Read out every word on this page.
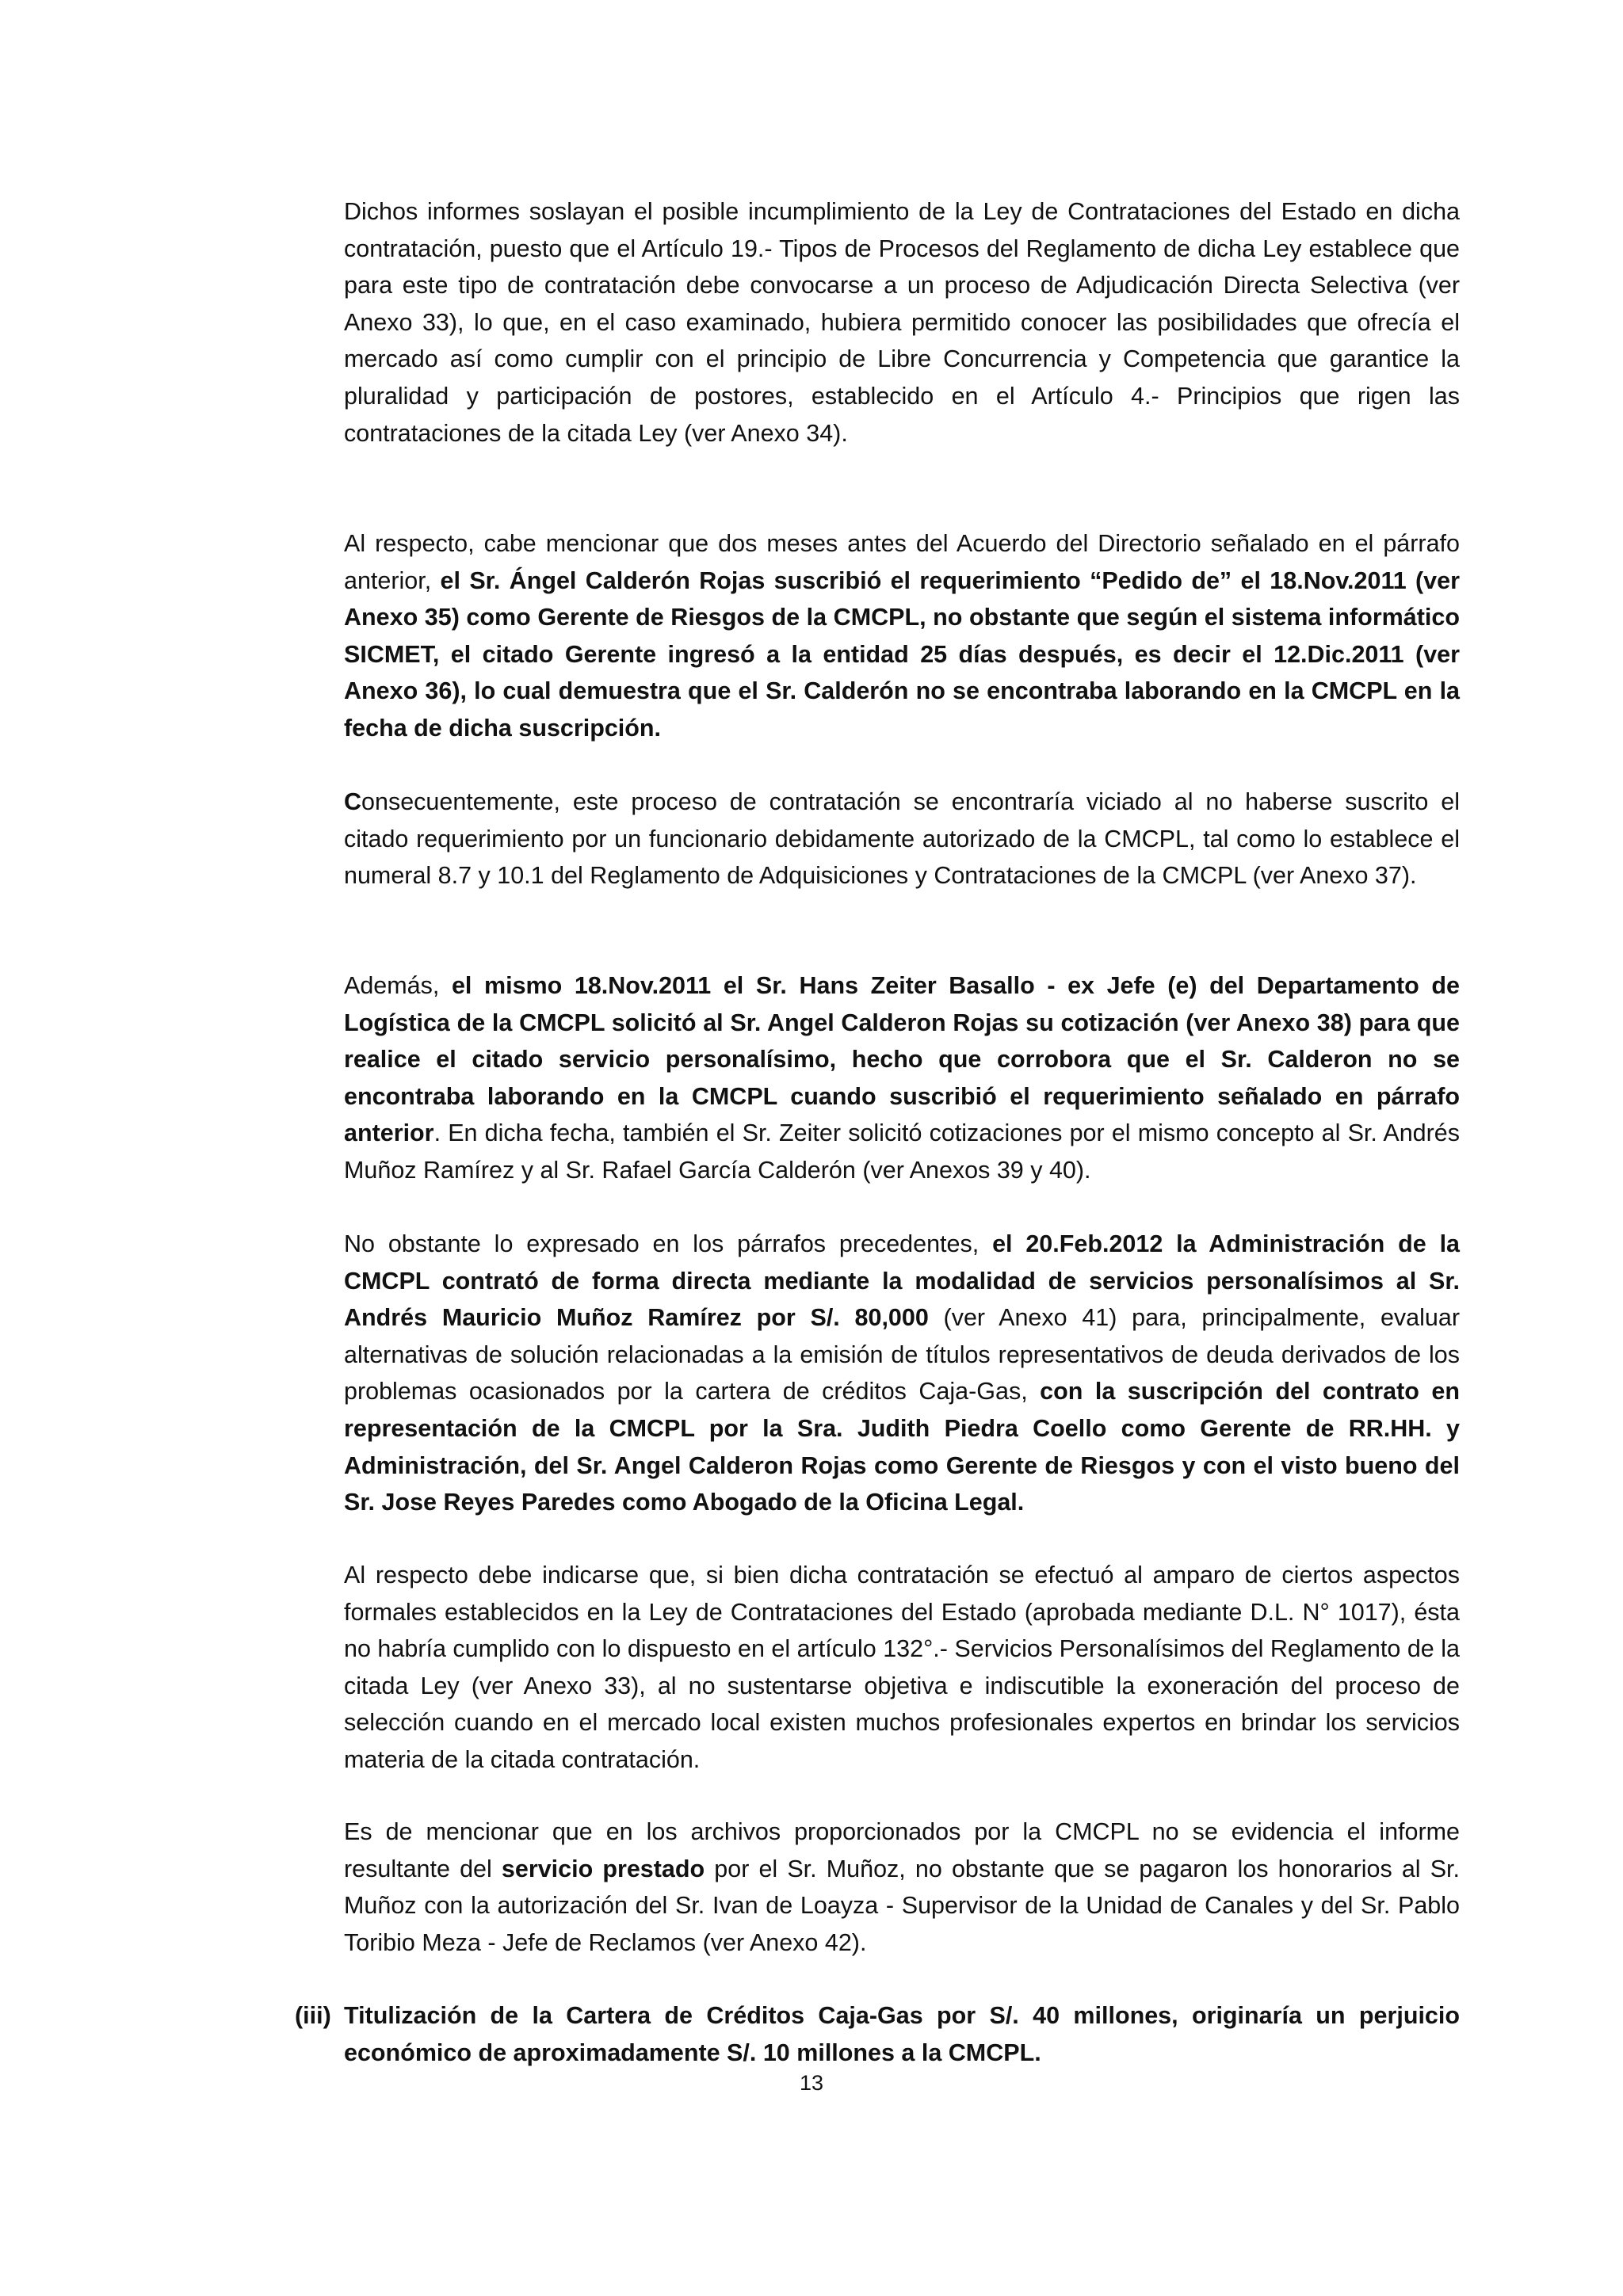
Dichos informes soslayan el posible incumplimiento de la Ley de Contrataciones del Estado en dicha contratación, puesto que el Artículo 19.- Tipos de Procesos del Reglamento de dicha Ley establece que para este tipo de contratación debe convocarse a un proceso de Adjudicación Directa Selectiva (ver Anexo 33), lo que, en el caso examinado, hubiera permitido conocer las posibilidades que ofrecía el mercado así como cumplir con el principio de Libre Concurrencia y Competencia que garantice la pluralidad y participación de postores, establecido en el Artículo 4.- Principios que rigen las contrataciones de la citada Ley (ver Anexo 34).

Al respecto, cabe mencionar que dos meses antes del Acuerdo del Directorio señalado en el párrafo anterior, el Sr. Ángel Calderón Rojas suscribió el requerimiento “Pedido de” el 18.Nov.2011 (ver Anexo 35) como Gerente de Riesgos de la CMCPL, no obstante que según el sistema informático SICMET, el citado Gerente ingresó a la entidad 25 días después, es decir el 12.Dic.2011 (ver Anexo 36), lo cual demuestra que el Sr. Calderón no se encontraba laborando en la CMCPL en la fecha de dicha suscripción.

Consecuentemente, este proceso de contratación se encontraría viciado al no haberse suscrito el citado requerimiento por un funcionario debidamente autorizado de la CMCPL, tal como lo establece el numeral 8.7 y 10.1 del Reglamento de Adquisiciones y Contrataciones de la CMCPL (ver Anexo 37).

Además, el mismo 18.Nov.2011 el Sr. Hans Zeiter Basallo - ex Jefe (e) del Departamento de Logística de la CMCPL solicitó al Sr. Angel Calderon Rojas su cotización (ver Anexo 38) para que realice el citado servicio personalísimo, hecho que corrobora que el Sr. Calderon no se encontraba laborando en la CMCPL cuando suscribió el requerimiento señalado en párrafo anterior. En dicha fecha, también el Sr. Zeiter solicitó cotizaciones por el mismo concepto al Sr. Andrés Muñoz Ramírez y al Sr. Rafael García Calderón (ver Anexos 39 y 40).

No obstante lo expresado en los párrafos precedentes, el 20.Feb.2012 la Administración de la CMCPL contrató de forma directa mediante la modalidad de servicios personalísimos al Sr. Andrés Mauricio Muñoz Ramírez por S/. 80,000 (ver Anexo 41) para, principalmente, evaluar alternativas de solución relacionadas a la emisión de títulos representativos de deuda derivados de los problemas ocasionados por la cartera de créditos Caja-Gas, con la suscripción del contrato en representación de la CMCPL por la Sra. Judith Piedra Coello como Gerente de RR.HH. y Administración, del Sr. Angel Calderon Rojas como Gerente de Riesgos y con el visto bueno del Sr. Jose Reyes Paredes como Abogado de la Oficina Legal.

Al respecto debe indicarse que, si bien dicha contratación se efectuó al amparo de ciertos aspectos formales establecidos en la Ley de Contrataciones del Estado (aprobada mediante D.L. N° 1017), ésta no habría cumplido con lo dispuesto en el artículo 132°.- Servicios Personalísimos del Reglamento de la citada Ley (ver Anexo 33), al no sustentarse objetiva e indiscutible la exoneración del proceso de selección cuando en el mercado local existen muchos profesionales expertos en brindar los servicios materia de la citada contratación.

Es de mencionar que en los archivos proporcionados por la CMCPL no se evidencia el informe resultante del servicio prestado por el Sr. Muñoz, no obstante que se pagaron los honorarios al Sr. Muñoz con la autorización del Sr. Ivan de Loayza - Supervisor de la Unidad de Canales y del Sr. Pablo Toribio Meza - Jefe de Reclamos (ver Anexo 42).

(iii) Titulización de la Cartera de Créditos Caja-Gas por S/. 40 millones, originaría un perjuicio económico de aproximadamente S/. 10 millones a la CMCPL.
13
